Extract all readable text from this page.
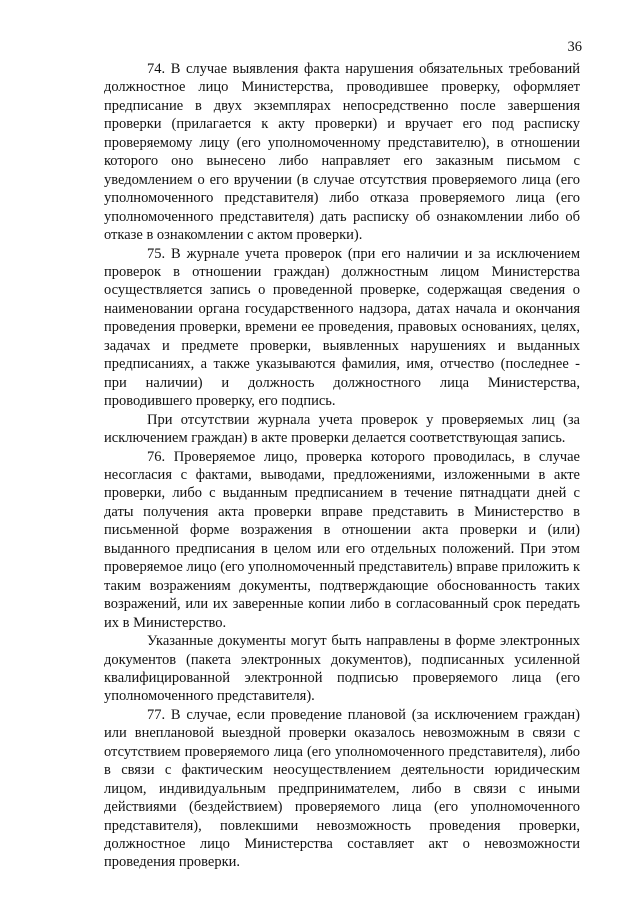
36

74. В случае выявления факта нарушения обязательных требований должностное лицо Министерства, проводившее проверку, оформляет предписание в двух экземплярах непосредственно после завершения проверки (прилагается к акту проверки) и вручает его под расписку проверяемому лицу (его уполномоченному представителю), в отношении которого оно вынесено либо направляет его заказным письмом с уведомлением о его вручении (в случае отсутствия проверяемого лица (его уполномоченного представителя) либо отказа проверяемого лица (его уполномоченного представителя) дать расписку об ознакомлении либо об отказе в ознакомлении с актом проверки).

75. В журнале учета проверок (при его наличии и за исключением проверок в отношении граждан) должностным лицом Министерства осуществляется запись о проведенной проверке, содержащая сведения о наименовании органа государственного надзора, датах начала и окончания проведения проверки, времени ее проведения, правовых основаниях, целях, задачах и предмете проверки, выявленных нарушениях и выданных предписаниях, а также указываются фамилия, имя, отчество (последнее - при наличии) и должность должностного лица Министерства, проводившего проверку, его подпись.

При отсутствии журнала учета проверок у проверяемых лиц (за исключением граждан) в акте проверки делается соответствующая запись.

76. Проверяемое лицо, проверка которого проводилась, в случае несогласия с фактами, выводами, предложениями, изложенными в акте проверки, либо с выданным предписанием в течение пятнадцати дней с даты получения акта проверки вправе представить в Министерство в письменной форме возражения в отношении акта проверки и (или) выданного предписания в целом или его отдельных положений. При этом проверяемое лицо (его уполномоченный представитель) вправе приложить к таким возражениям документы, подтверждающие обоснованность таких возражений, или их заверенные копии либо в согласованный срок передать их в Министерство.

Указанные документы могут быть направлены в форме электронных документов (пакета электронных документов), подписанных усиленной квалифицированной электронной подписью проверяемого лица (его уполномоченного представителя).

77. В случае, если проведение плановой (за исключением граждан) или внеплановой выездной проверки оказалось невозможным в связи с отсутствием проверяемого лица (его уполномоченного представителя), либо в связи с фактическим неосуществлением деятельности юридическим лицом, индивидуальным предпринимателем, либо в связи с иными действиями (бездействием) проверяемого лица (его уполномоченного представителя), повлекшими невозможность проведения проверки, должностное лицо Министерства составляет акт о невозможности проведения проверки.
